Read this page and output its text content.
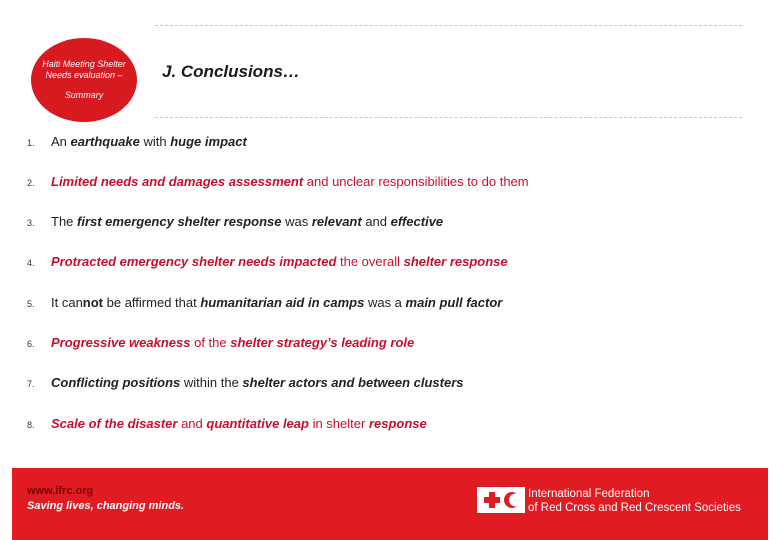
Haiti Meeting Shelter
Needs evaluation –
Summary
J. Conclusions…
1. An earthquake with huge impact
2. Limited needs and damages assessment and unclear responsibilities to do them
3. The first emergency shelter response was relevant and effective
4. Protracted emergency shelter needs impacted the overall shelter response
5. It cannot be affirmed that humanitarian aid in camps was a main pull factor
6. Progressive weakness of the shelter strategy’s leading role
7. Conflicting positions within the shelter actors and between clusters
8. Scale of the disaster and quantitative leap in shelter response
www.ifrc.org
Saving lives, changing minds.
International Federation
of Red Cross and Red Crescent Societies
